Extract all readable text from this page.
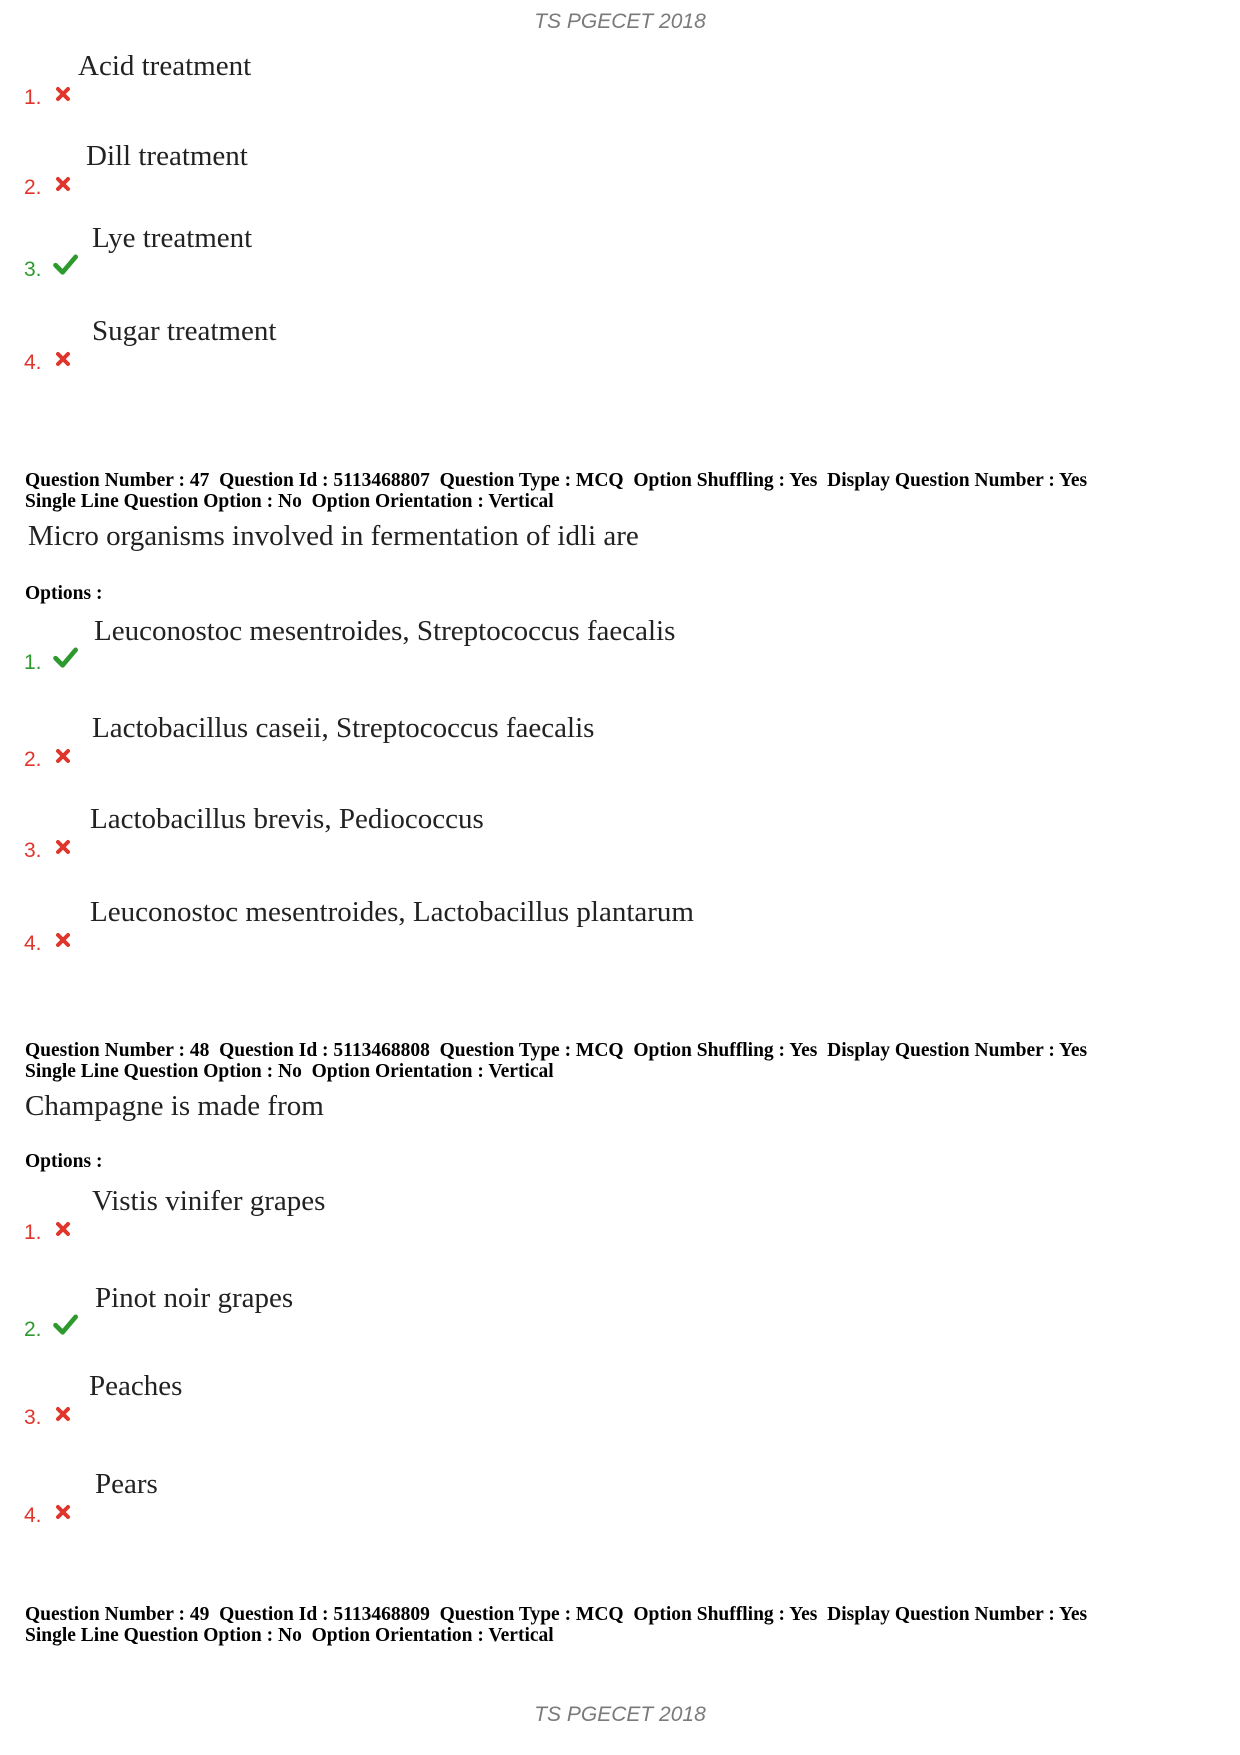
TS PGECET 2018
1.
Acid treatment
2.
Dill treatment
3.
Lye treatment
4.
Sugar treatment
Question Number : 47  Question Id : 5113468807  Question Type : MCQ  Option Shuffling : Yes  Display Question Number : Yes
Single Line Question Option : No  Option Orientation : Vertical
Micro organisms involved in fermentation of idli are
Options :
1.
Leuconostoc mesentroides, Streptococcus faecalis
2.
Lactobacillus caseii, Streptococcus faecalis
3.
Lactobacillus brevis, Pediococcus
4.
Leuconostoc mesentroides, Lactobacillus plantarum
Question Number : 48  Question Id : 5113468808  Question Type : MCQ  Option Shuffling : Yes  Display Question Number : Yes
Single Line Question Option : No  Option Orientation : Vertical
Champagne is made from
Options :
1.
Vistis vinifer grapes
2.
Pinot noir grapes
3.
Peaches
4.
Pears
Question Number : 49  Question Id : 5113468809  Question Type : MCQ  Option Shuffling : Yes  Display Question Number : Yes
Single Line Question Option : No  Option Orientation : Vertical
TS PGECET 2018
